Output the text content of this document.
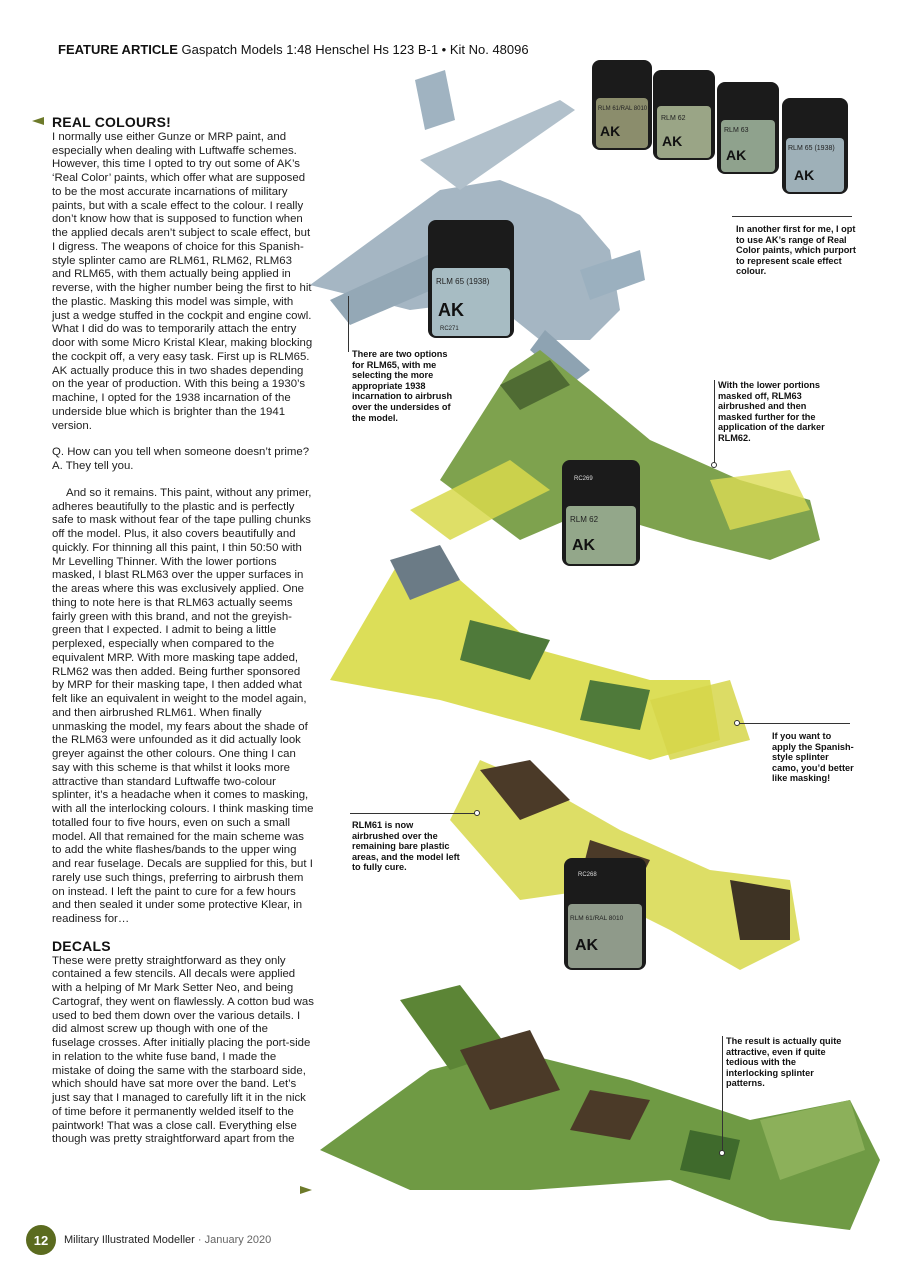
FEATURE ARTICLE Gaspatch Models 1:48 Henschel Hs 123 B-1 • Kit No. 48096
REAL COLOURS!

I normally use either Gunze or MRP paint, and especially when dealing with Luftwaffe schemes. However, this time I opted to try out some of AK’s ‘Real Color’ paints, which offer what are supposed to be the most accurate incarnations of military paints, but with a scale effect to the colour. I really don’t know how that is supposed to function when the applied decals aren’t subject to scale effect, but I digress. The weapons of choice for this Spanish-style splinter camo are RLM61, RLM62, RLM63 and RLM65, with them actually being applied in reverse, with the higher number being the first to hit the plastic. Masking this model was simple, with just a wedge stuffed in the cockpit and engine cowl. What I did do was to temporarily attach the entry door with some Micro Kristal Klear, making blocking the cockpit off, a very easy task. First up is RLM65. AK actually produce this in two shades depending on the year of production. With this being a 1930’s machine, I opted for the 1938 incarnation of the underside blue which is brighter than the 1941 version.

Q. How can you tell when someone doesn’t prime?

A. They tell you.

And so it remains. This paint, without any primer, adheres beautifully to the plastic and is perfectly safe to mask without fear of the tape pulling chunks off the model. Plus, it also covers beautifully and quickly. For thinning all this paint, I thin 50:50 with Mr Levelling Thinner. With the lower portions masked, I blast RLM63 over the upper surfaces in the areas where this was exclusively applied. One thing to note here is that RLM63 actually seems fairly green with this brand, and not the greyish-green that I expected. I admit to being a little perplexed, especially when compared to the equivalent MRP. With more masking tape added, RLM62 was then added. Being further sponsored by MRP for their masking tape, I then added what felt like an equivalent in weight to the model again, and then airbrushed RLM61. When finally unmasking the model, my fears about the shade of the RLM63 were unfounded as it did actually look greyer against the other colours. One thing I can say with this scheme is that whilst it looks more attractive than standard Luftwaffe two-colour splinter, it’s a headache when it comes to masking, with all the interlocking colours. I think masking time totalled four to five hours, even on such a small model. All that remained for the main scheme was to add the white flashes/bands to the upper wing and rear fuselage. Decals are supplied for this, but I rarely use such things, preferring to airbrush them on instead. I left the paint to cure for a few hours and then sealed it under some protective Klear, in readiness for…

DECALS

These were pretty straightforward as they only contained a few stencils. All decals were applied with a helping of Mr Mark Setter Neo, and being Cartograf, they went on flawlessly. A cotton bud was used to bed them down over the various details. I did almost screw up though with one of the fuselage crosses. After initially placing the port-side in relation to the white fuse band, I made the mistake of doing the same with the starboard side, which should have sat more over the band. Let’s just say that I managed to carefully lift it in the nick of time before it permanently welded itself to the paintwork! That was a close call. Everything else though was pretty straightforward apart from the

AK
AK
AK
AK
RLM 61/RAL 8010
RLM 62
RLM 63
RLM 65 (1938)
AK
RLM 65 (1938)
RC271
AK
RLM 62
RC269
AK
RLM 61/RAL 8010
RC268
In another first for me, I opt to use AK’s range of Real Color paints, which purport to represent scale effect colour.
There are two options for RLM65, with me selecting the more appropriate 1938 incarnation to airbrush over the undersides of the model.
With the lower portions masked off, RLM63 airbrushed and then masked further for the application of the darker RLM62.
If you want to apply the Spanish-style splinter camo, you’d better like masking!
RLM61 is now airbrushed over the remaining bare plastic areas, and the model left to fully cure.
The result is actually quite attractive, even if quite tedious with the interlocking splinter patterns.
12	Military Illustrated Modeller · January 2020
